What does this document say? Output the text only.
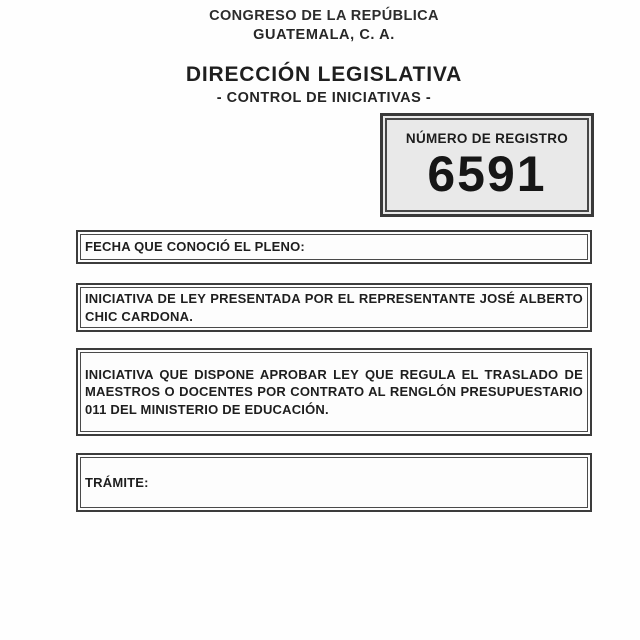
CONGRESO DE LA REPÚBLICA
GUATEMALA, C. A.
DIRECCIÓN LEGISLATIVA
- CONTROL DE INICIATIVAS -
NÚMERO DE REGISTRO
6591
FECHA QUE CONOCIÓ EL PLENO:
INICIATIVA DE LEY PRESENTADA POR EL REPRESENTANTE JOSÉ ALBERTO CHIC CARDONA.
INICIATIVA QUE DISPONE APROBAR LEY QUE REGULA EL TRASLADO DE MAESTROS O DOCENTES POR CONTRATO AL RENGLÓN PRESUPUESTARIO 011 DEL MINISTERIO DE EDUCACIÓN.
TRÁMITE:
